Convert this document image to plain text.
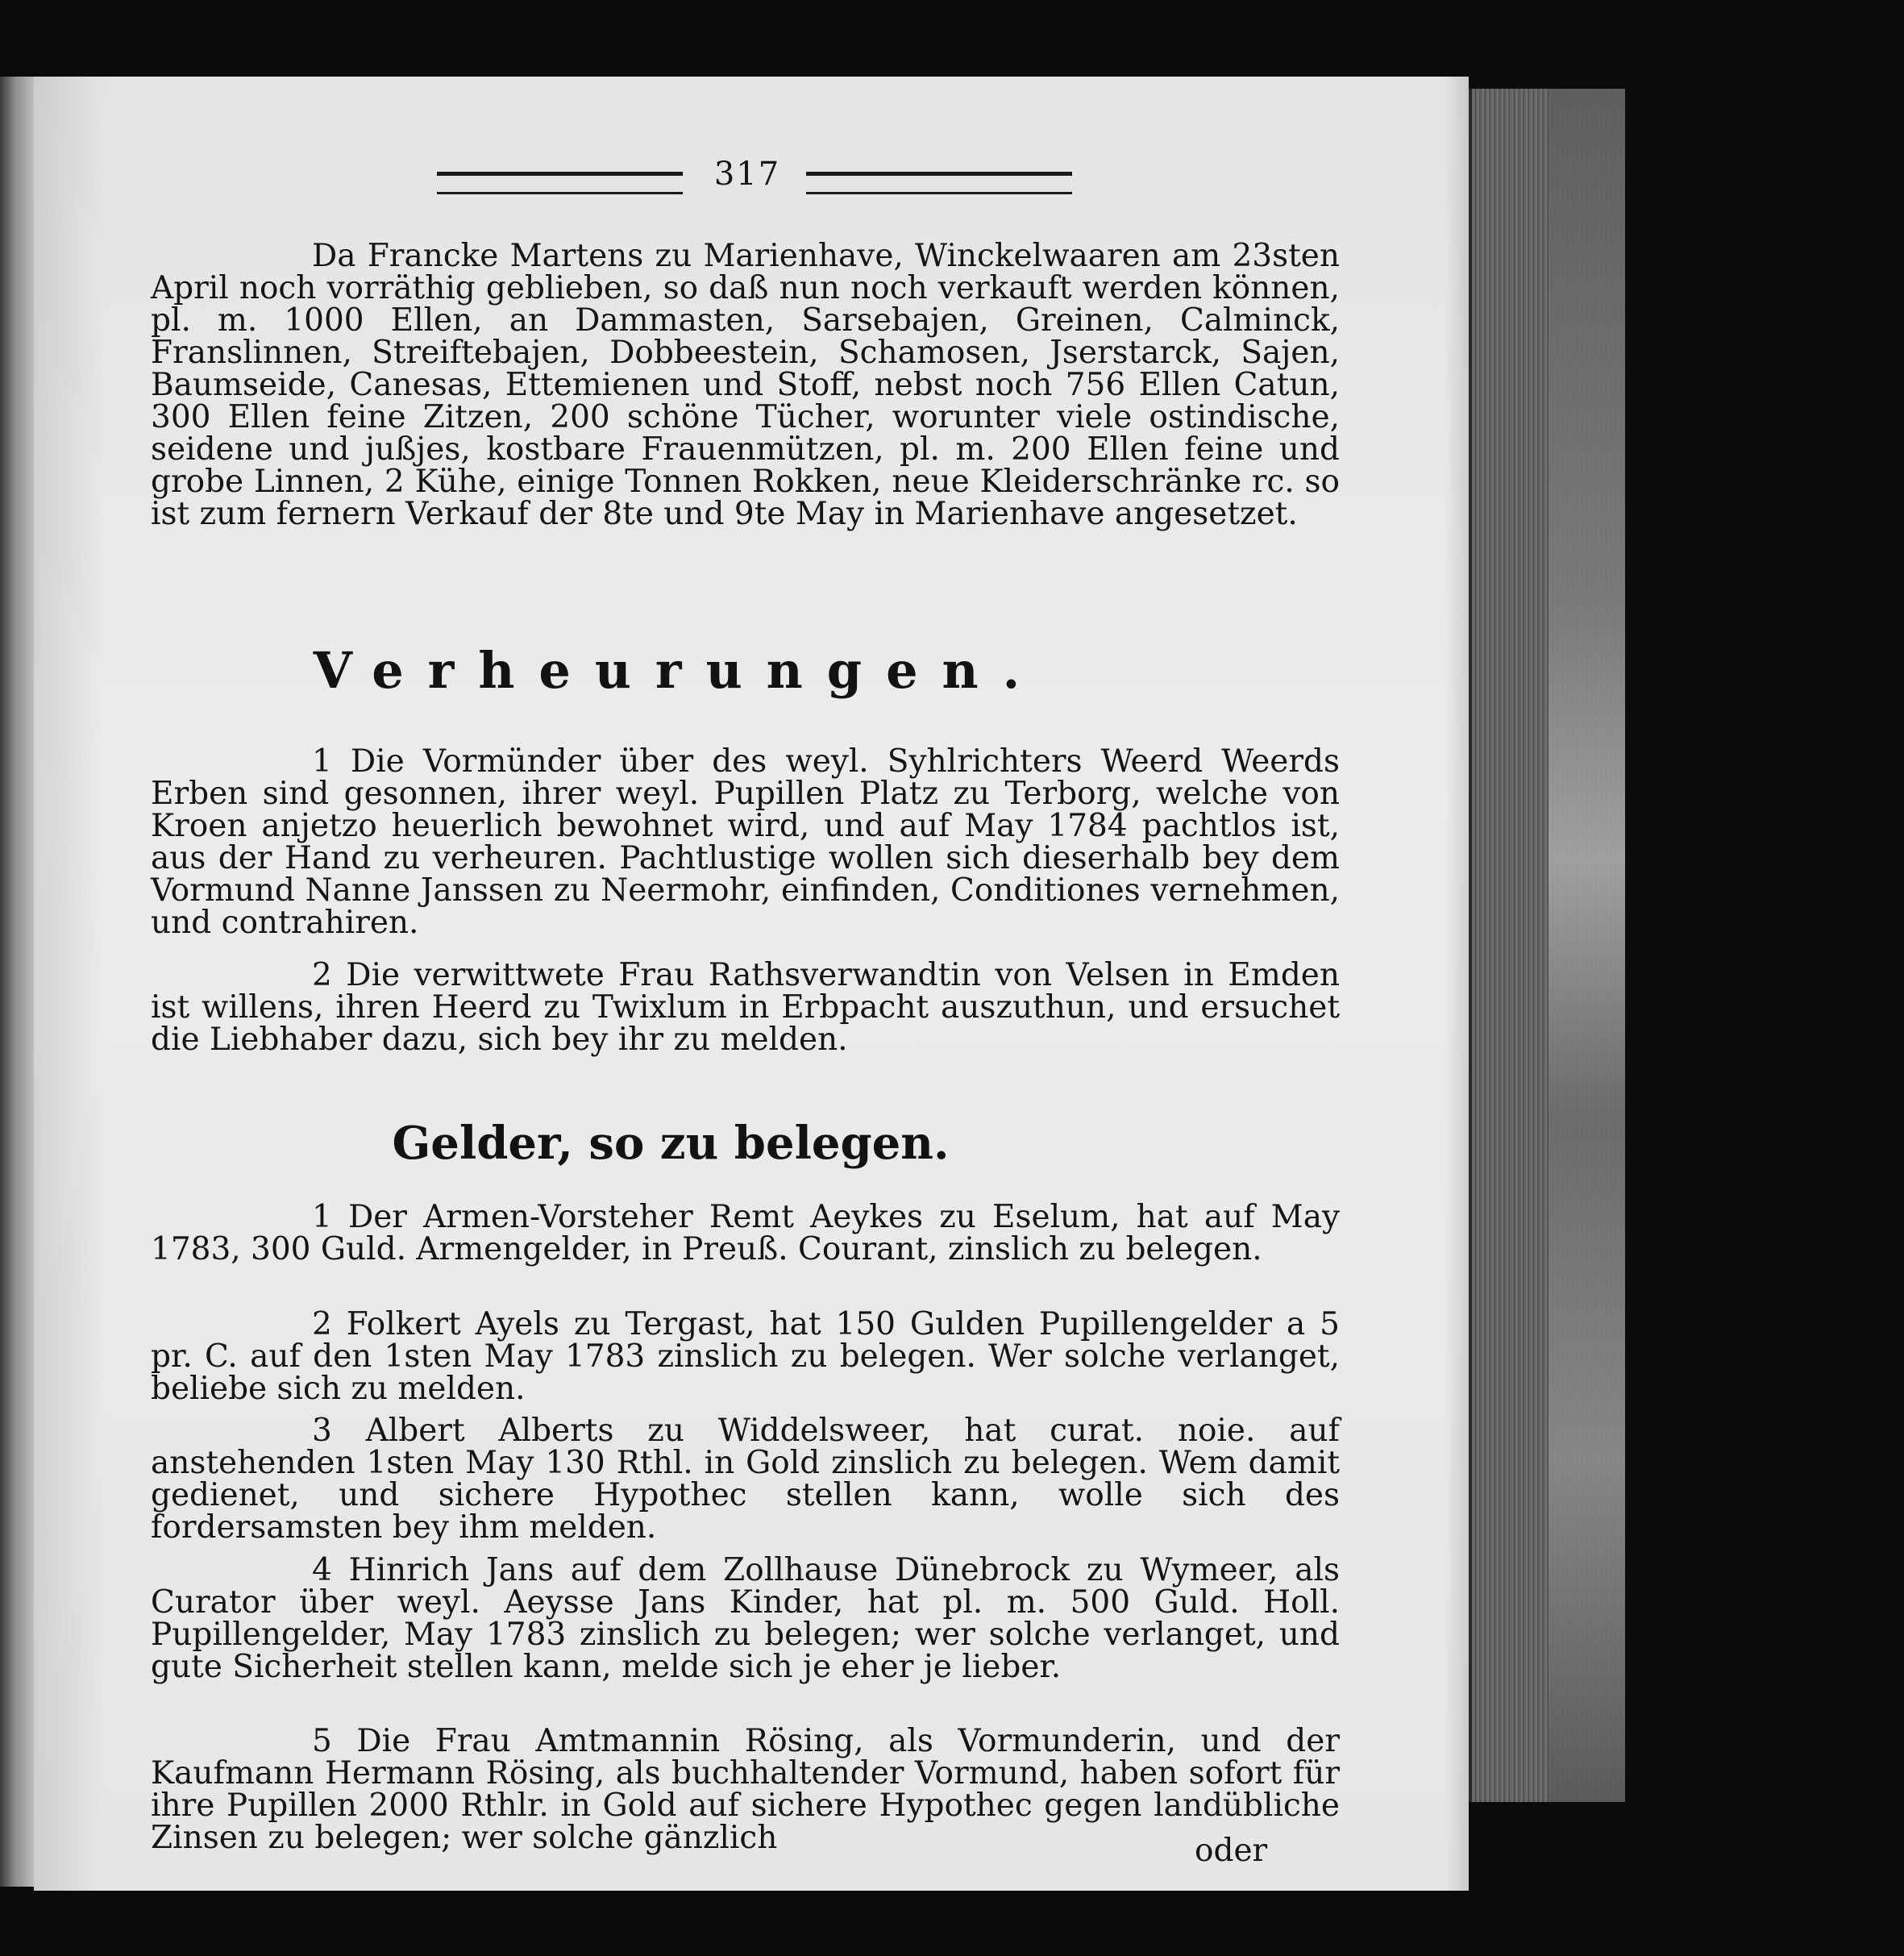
317
Da Francke Martens zu Marienhave, Winckelwaaren am 23sten April noch vorräthig geblieben, so daß nun noch verkauft werden können, pl. m. 1000 Ellen, an Dammasten, Sarsebajen, Greinen, Calminck, Franslinnen, Streiftebajen, Dobbeestein, Schamosen, Jserstarck, Sajen, Baumseide, Canesas, Ettemienen und Stoff, nebst noch 756 Ellen Catun, 300 Ellen feine Zitzen, 200 schöne Tücher, worunter viele ostindische, seidene und jußjes, kostbare Frauenmützen, pl. m. 200 Ellen feine und grobe Linnen, 2 Kühe, einige Tonnen Rokken, neue Kleiderschränke rc. so ist zum fernern Verkauf der 8te und 9te May in Marienhave angesetzet.
Verheurungen.
1 Die Vormünder über des weyl. Syhlrichters Weerd Weerds Erben sind gesonnen, ihrer weyl. Pupillen Platz zu Terborg, welche von Kroen anjetzo heuerlich bewohnet wird, und auf May 1784 pachtlos ist, aus der Hand zu verheuren. Pachtlustige wollen sich dieserhalb bey dem Vormund Nanne Janssen zu Neermohr, einfinden, Conditiones vernehmen, und contrahiren.
2 Die verwittwete Frau Rathsverwandtin von Velsen in Emden ist willens, ihren Heerd zu Twixlum in Erbpacht auszuthun, und ersuchet die Liebhaber dazu, sich bey ihr zu melden.
Gelder, so zu belegen.
1 Der Armen-Vorsteher Remt Aeykes zu Eselum, hat auf May 1783, 300 Guld. Armengelder, in Preuß. Courant, zinslich zu belegen.
2 Folkert Ayels zu Tergast, hat 150 Gulden Pupillengelder a 5 pr. C. auf den 1sten May 1783 zinslich zu belegen. Wer solche verlanget, beliebe sich zu melden.
3 Albert Alberts zu Widdelsweer, hat curat. noie. auf anstehenden 1sten May 130 Rthl. in Gold zinslich zu belegen. Wem damit gedienet, und sichere Hypothec stellen kann, wolle sich des fordersamsten bey ihm melden.
4 Hinrich Jans auf dem Zollhause Dünebrock zu Wymeer, als Curator über weyl. Aeysse Jans Kinder, hat pl. m. 500 Guld. Holl. Pupillengelder, May 1783 zinslich zu belegen; wer solche verlanget, und gute Sicherheit stellen kann, melde sich je eher je lieber.
5 Die Frau Amtmannin Rösing, als Vormunderin, und der Kaufmann Hermann Rösing, als buchhaltender Vormund, haben sofort für ihre Pupillen 2000 Rthlr. in Gold auf sichere Hypothec gegen landübliche Zinsen zu belegen; wer solche gänzlich	oder
